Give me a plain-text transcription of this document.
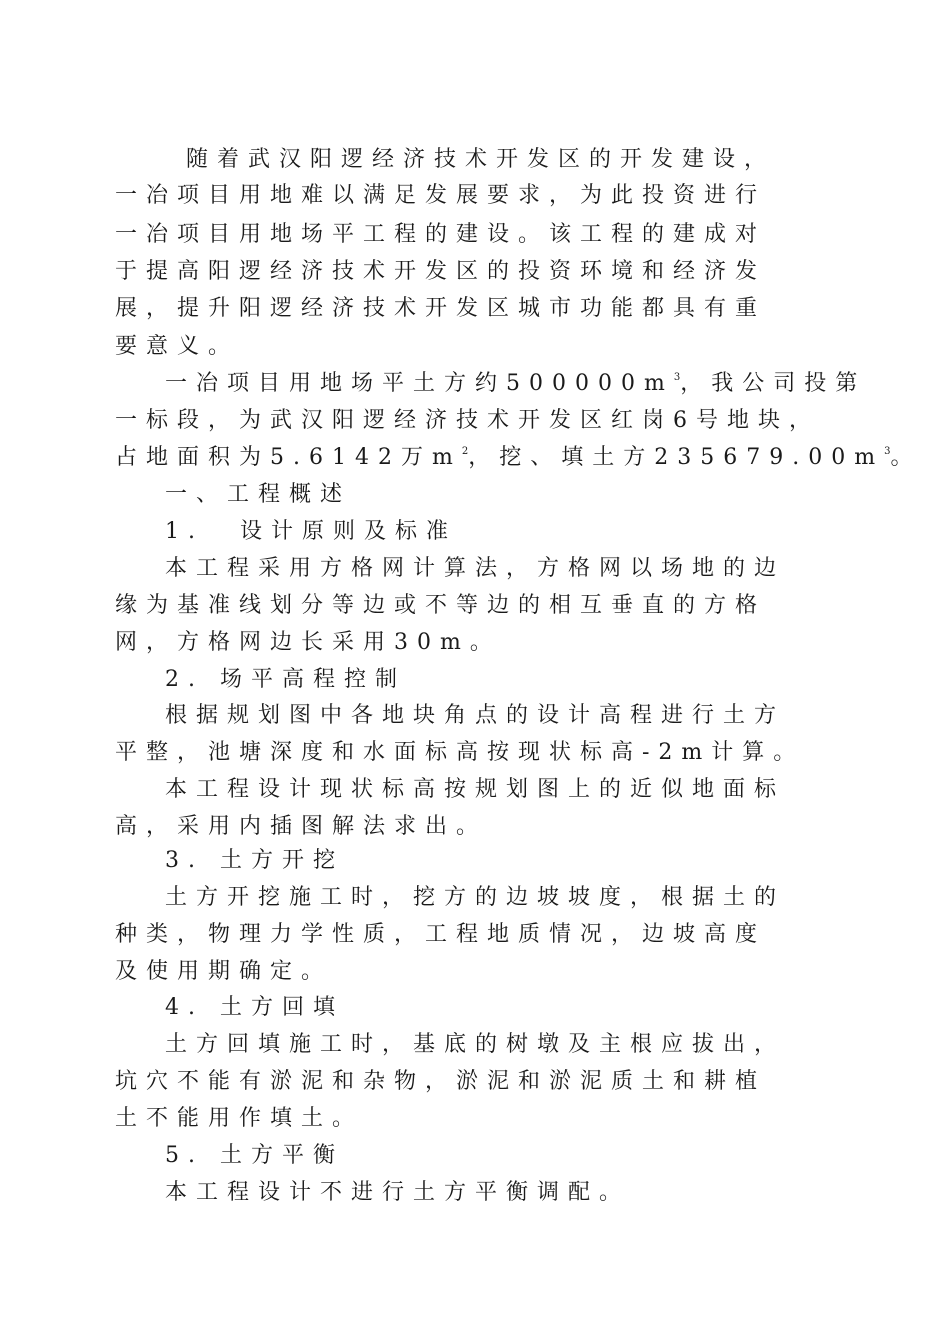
随着武汉阳逻经济技术开发区的开发建设，
一冶项目用地难以满足发展要求，为此投资进行
一冶项目用地场平工程的建设。该工程的建成对
于提高阳逻经济技术开发区的投资环境和经济发
展，提升阳逻经济技术开发区城市功能都具有重
要意义。
一冶项目用地场平土方约$500000m^3$，我公司投第
一标段，为武汉阳逻经济技术开发区红岗6号地块，
占地面积为5.6142万$m^2$，挖、填土方$235679.00m^3$。
一、工程概述
1. 设计原则及标准
本工程采用方格网计算法，方格网以场地的边
缘为基准线划分等边或不等边的相互垂直的方格
网，方格网边长采用30m。
2. 场平高程控制
根据规划图中各地块角点的设计高程进行土方
平整，池塘深度和水面标高按现状标高-2m计算。
本工程设计现状标高按规划图上的近似地面标
高，采用内插图解法求出。
3. 土方开挖
土方开挖施工时，挖方的边坡坡度，根据土的
种类，物理力学性质，工程地质情况，边坡高度
及使用期确定。
4. 土方回填
土方回填施工时，基底的树墩及主根应拔出，
坑穴不能有淤泥和杂物，淤泥和淤泥质土和耕植
土不能用作填土。
5. 土方平衡
本工程设计不进行土方平衡调配。
